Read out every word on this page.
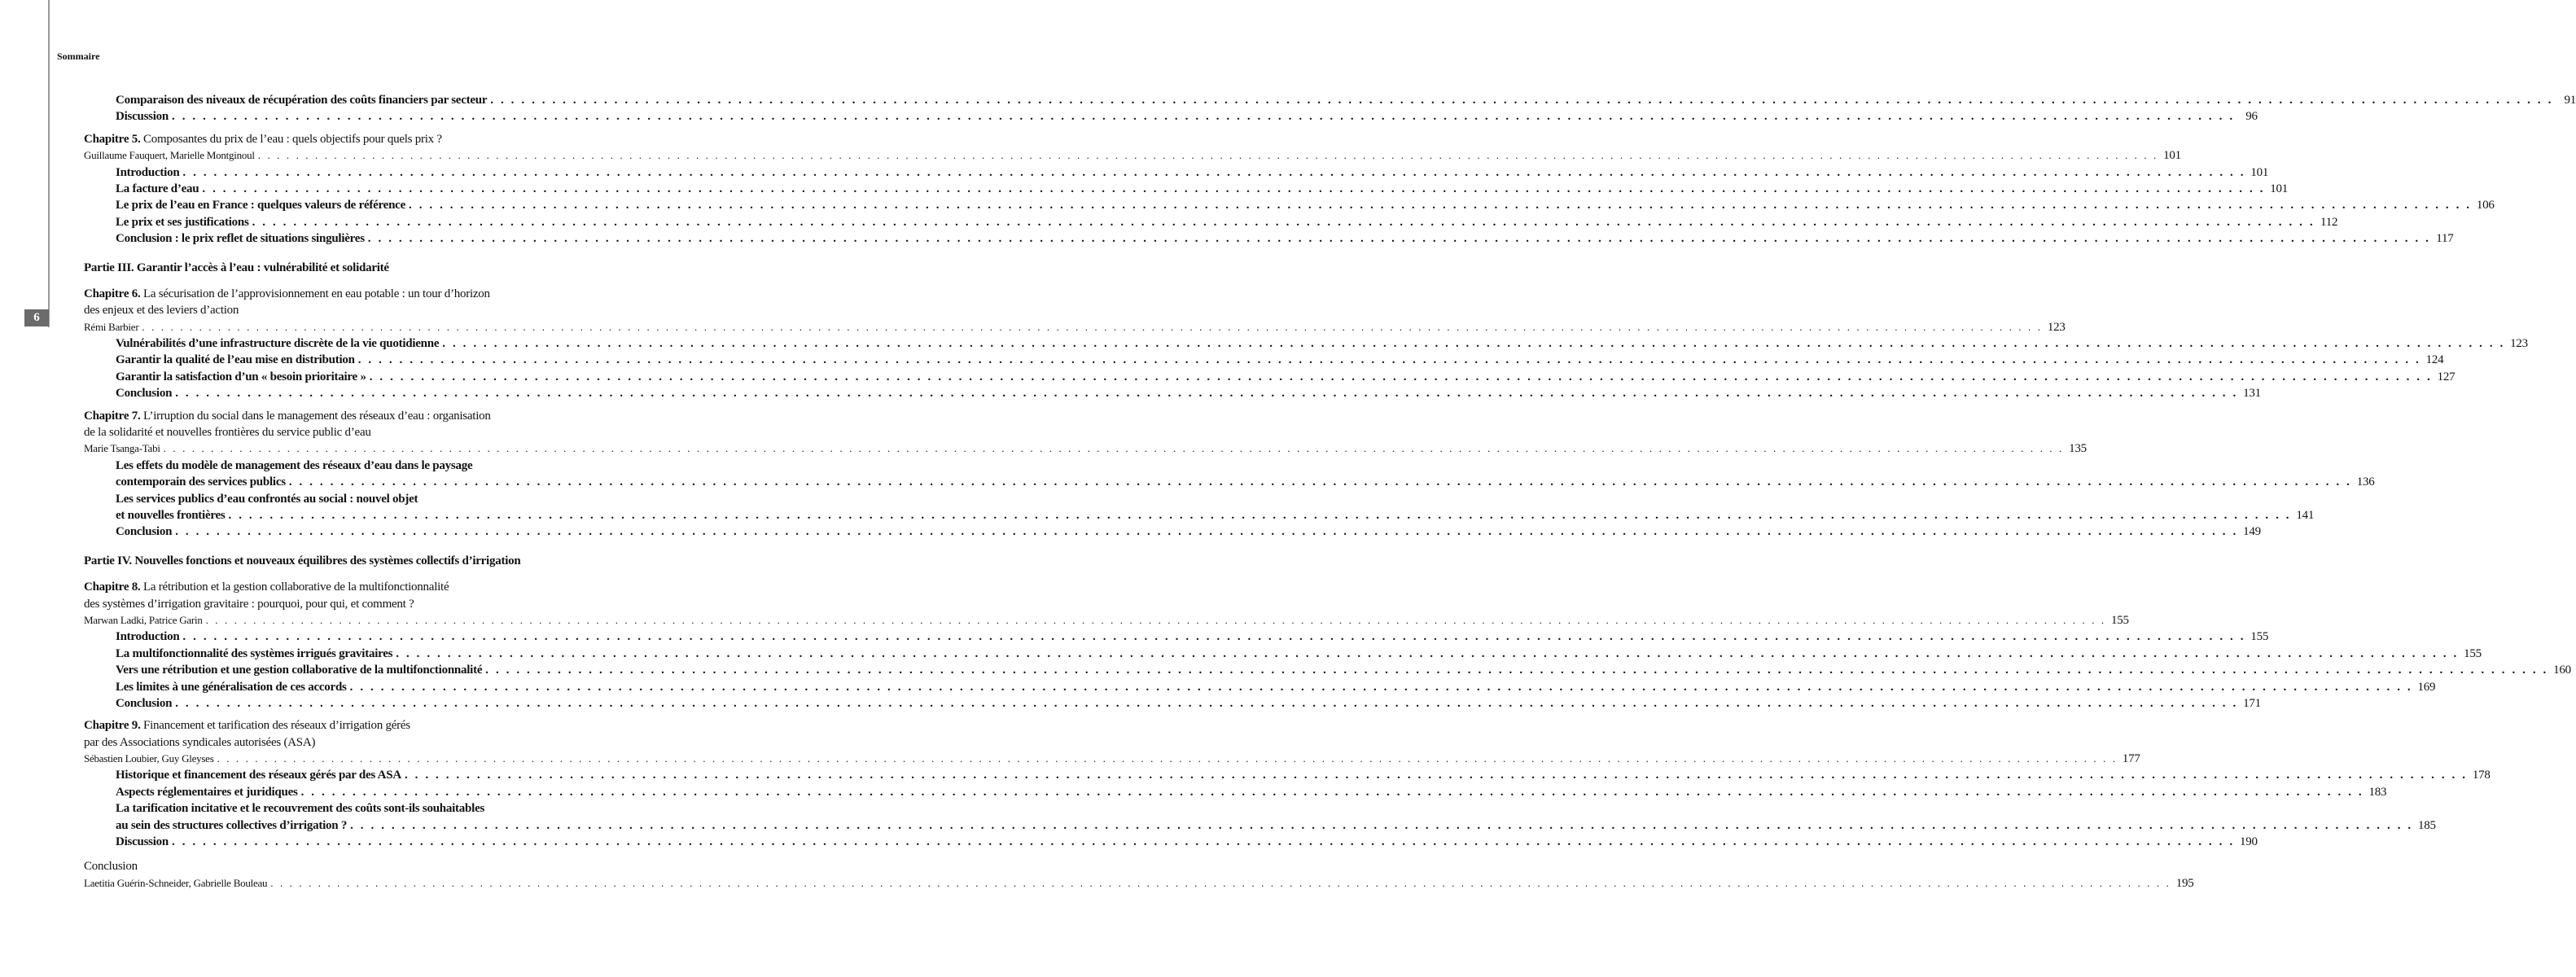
6
Sommaire
Comparaison des niveaux de récupération des coûts financiers par secteur . . . . . . . . . . . . . . . . . . . . . . . . . . . . . . . . . . . . . . . . . . . . . . . . . . . . . . . . . . . . . . . . . . . . . . . . . . . . . . . . . . . . . . . . . . . . . . . . . . . . . . . . . . . . . . . . . . . . . . . . . . . . . . . . . . . . . . . . . . . . . . . . . . . . . . . . . . . . . . . . . . . . . . . . . . . . . . . . . . . . . . . . . . . . . . . . . . . . . . . . 91
Discussion . . . . . . . . . . . . . . . . . . . . . . . . . . . . . . . . . . . . . . . . . . . . . . . . . . . . . . . . . . . . . . . . . . . . . . . . . . . . . . . . . . . . . . . . . . . . . . . . . . . . . . . . . . . . . . . . . . . . . . . . . . . . . . . . . . . . . . . . . . . . . . . . . . . . . . . . . . . . . . . . . . . . . . . . . . . . . . . . . . . . . . . . . . . . . . . . . . . . . . . . 96
Chapitre 5.
Composantes du prix de l’eau : quels objectifs pour quels prix ?
Guillaume Fauquert, Marielle Montginoul . . . . . . . . . . . . . . . . . . . . . . . . . . . . . . . . . . . . . . . . . . . . . . . . . . . . . . . . . . . . . . . . . . . . . . . . . . . . . . . . . . . . . . . . . . . . . . . . . . . . . . . . . . . . . . . . . . . . . . . . . . . . . . . . . . . . . . . . . . . . . . . . . . . . . . . . . . . . . . . . . . . . . . . . . . . . . . . . . . . . . . . . . . . . . . . . . . . . . . . . 101
Introduction . . . . . . . . . . . . . . . . . . . . . . . . . . . . . . . . . . . . . . . . . . . . . . . . . . . . . . . . . . . . . . . . . . . . . . . . . . . . . . . . . . . . . . . . . . . . . . . . . . . . . . . . . . . . . . . . . . . . . . . . . . . . . . . . . . . . . . . . . . . . . . . . . . . . . . . . . . . . . . . . . . . . . . . . . . . . . . . . . . . . . . . . . . . . . . . . . . . . . . . . 101
La facture d’eau . . . . . . . . . . . . . . . . . . . . . . . . . . . . . . . . . . . . . . . . . . . . . . . . . . . . . . . . . . . . . . . . . . . . . . . . . . . . . . . . . . . . . . . . . . . . . . . . . . . . . . . . . . . . . . . . . . . . . . . . . . . . . . . . . . . . . . . . . . . . . . . . . . . . . . . . . . . . . . . . . . . . . . . . . . . . . . . . . . . . . . . . . . . . . . . . . . . . . . . . 101
Le prix de l’eau en France : quelques valeurs de référence . . . . . . . . . . . . . . . . . . . . . . . . . . . . . . . . . . . . . . . . . . . . . . . . . . . . . . . . . . . . . . . . . . . . . . . . . . . . . . . . . . . . . . . . . . . . . . . . . . . . . . . . . . . . . . . . . . . . . . . . . . . . . . . . . . . . . . . . . . . . . . . . . . . . . . . . . . . . . . . . . . . . . . . . . . . . . . . . . . . . . . . . . . . . . . . . . . . . . . . . 106
Le prix et ses justifications . . . . . . . . . . . . . . . . . . . . . . . . . . . . . . . . . . . . . . . . . . . . . . . . . . . . . . . . . . . . . . . . . . . . . . . . . . . . . . . . . . . . . . . . . . . . . . . . . . . . . . . . . . . . . . . . . . . . . . . . . . . . . . . . . . . . . . . . . . . . . . . . . . . . . . . . . . . . . . . . . . . . . . . . . . . . . . . . . . . . . . . . . . . . . . . . . . . . . . . . 112
Conclusion : le prix reflet de situations singulières . . . . . . . . . . . . . . . . . . . . . . . . . . . . . . . . . . . . . . . . . . . . . . . . . . . . . . . . . . . . . . . . . . . . . . . . . . . . . . . . . . . . . . . . . . . . . . . . . . . . . . . . . . . . . . . . . . . . . . . . . . . . . . . . . . . . . . . . . . . . . . . . . . . . . . . . . . . . . . . . . . . . . . . . . . . . . . . . . . . . . . . . . . . . . . . . . . . . . . . . 117
Partie III. Garantir l’accès à l’eau : vulnérabilité et solidarité
Chapitre 6.
La sécurisation de l’approvisionnement en eau potable : un tour d’horizon
des enjeux et des leviers d’action
Rémi Barbier . . . . . . . . . . . . . . . . . . . . . . . . . . . . . . . . . . . . . . . . . . . . . . . . . . . . . . . . . . . . . . . . . . . . . . . . . . . . . . . . . . . . . . . . . . . . . . . . . . . . . . . . . . . . . . . . . . . . . . . . . . . . . . . . . . . . . . . . . . . . . . . . . . . . . . . . . . . . . . . . . . . . . . . . . . . . . . . . . . . . . . . . . . . . . . . . . . . . . . . . 123
Vulnérabilités d’une infrastructure discrète de la vie quotidienne . . . . . . . . . . . . . . . . . . . . . . . . . . . . . . . . . . . . . . . . . . . . . . . . . . . . . . . . . . . . . . . . . . . . . . . . . . . . . . . . . . . . . . . . . . . . . . . . . . . . . . . . . . . . . . . . . . . . . . . . . . . . . . . . . . . . . . . . . . . . . . . . . . . . . . . . . . . . . . . . . . . . . . . . . . . . . . . . . . . . . . . . . . . . . . . . . . . . . . . . 123
Garantir la qualité de l’eau mise en distribution . . . . . . . . . . . . . . . . . . . . . . . . . . . . . . . . . . . . . . . . . . . . . . . . . . . . . . . . . . . . . . . . . . . . . . . . . . . . . . . . . . . . . . . . . . . . . . . . . . . . . . . . . . . . . . . . . . . . . . . . . . . . . . . . . . . . . . . . . . . . . . . . . . . . . . . . . . . . . . . . . . . . . . . . . . . . . . . . . . . . . . . . . . . . . . . . . . . . . . . . 124
Garantir la satisfaction d’un « besoin prioritaire » . . . . . . . . . . . . . . . . . . . . . . . . . . . . . . . . . . . . . . . . . . . . . . . . . . . . . . . . . . . . . . . . . . . . . . . . . . . . . . . . . . . . . . . . . . . . . . . . . . . . . . . . . . . . . . . . . . . . . . . . . . . . . . . . . . . . . . . . . . . . . . . . . . . . . . . . . . . . . . . . . . . . . . . . . . . . . . . . . . . . . . . . . . . . . . . . . . . . . . . . 127
Conclusion . . . . . . . . . . . . . . . . . . . . . . . . . . . . . . . . . . . . . . . . . . . . . . . . . . . . . . . . . . . . . . . . . . . . . . . . . . . . . . . . . . . . . . . . . . . . . . . . . . . . . . . . . . . . . . . . . . . . . . . . . . . . . . . . . . . . . . . . . . . . . . . . . . . . . . . . . . . . . . . . . . . . . . . . . . . . . . . . . . . . . . . . . . . . . . . . . . . . . . . . 131
Chapitre 7.
L’irruption du social dans le management des réseaux d’eau : organisation
de la solidarité et nouvelles frontières du service public d’eau
Marie Tsanga-Tabi . . . . . . . . . . . . . . . . . . . . . . . . . . . . . . . . . . . . . . . . . . . . . . . . . . . . . . . . . . . . . . . . . . . . . . . . . . . . . . . . . . . . . . . . . . . . . . . . . . . . . . . . . . . . . . . . . . . . . . . . . . . . . . . . . . . . . . . . . . . . . . . . . . . . . . . . . . . . . . . . . . . . . . . . . . . . . . . . . . . . . . . . . . . . . . . . . . . . . . . . 135
Les effets du modèle de management des réseaux d’eau dans le paysage
contemporain des services publics . . . . . . . . . . . . . . . . . . . . . . . . . . . . . . . . . . . . . . . . . . . . . . . . . . . . . . . . . . . . . . . . . . . . . . . . . . . . . . . . . . . . . . . . . . . . . . . . . . . . . . . . . . . . . . . . . . . . . . . . . . . . . . . . . . . . . . . . . . . . . . . . . . . . . . . . . . . . . . . . . . . . . . . . . . . . . . . . . . . . . . . . . . . . . . . . . . . . . . . . 136
Les services publics d’eau confrontés au social : nouvel objet
et nouvelles frontières . . . . . . . . . . . . . . . . . . . . . . . . . . . . . . . . . . . . . . . . . . . . . . . . . . . . . . . . . . . . . . . . . . . . . . . . . . . . . . . . . . . . . . . . . . . . . . . . . . . . . . . . . . . . . . . . . . . . . . . . . . . . . . . . . . . . . . . . . . . . . . . . . . . . . . . . . . . . . . . . . . . . . . . . . . . . . . . . . . . . . . . . . . . . . . . . . . . . . . . . 141
Conclusion . . . . . . . . . . . . . . . . . . . . . . . . . . . . . . . . . . . . . . . . . . . . . . . . . . . . . . . . . . . . . . . . . . . . . . . . . . . . . . . . . . . . . . . . . . . . . . . . . . . . . . . . . . . . . . . . . . . . . . . . . . . . . . . . . . . . . . . . . . . . . . . . . . . . . . . . . . . . . . . . . . . . . . . . . . . . . . . . . . . . . . . . . . . . . . . . . . . . . . . . 149
Partie IV. Nouvelles fonctions et nouveaux équilibres des systèmes collectifs d’irrigation
Chapitre 8.
La rétribution et la gestion collaborative de la multifonctionnalité
des systèmes d’irrigation gravitaire : pourquoi, pour qui, et comment ?
Marwan Ladki, Patrice Garin . . . . . . . . . . . . . . . . . . . . . . . . . . . . . . . . . . . . . . . . . . . . . . . . . . . . . . . . . . . . . . . . . . . . . . . . . . . . . . . . . . . . . . . . . . . . . . . . . . . . . . . . . . . . . . . . . . . . . . . . . . . . . . . . . . . . . . . . . . . . . . . . . . . . . . . . . . . . . . . . . . . . . . . . . . . . . . . . . . . . . . . . . . . . . . . . . . . . . . . . 155
Introduction . . . . . . . . . . . . . . . . . . . . . . . . . . . . . . . . . . . . . . . . . . . . . . . . . . . . . . . . . . . . . . . . . . . . . . . . . . . . . . . . . . . . . . . . . . . . . . . . . . . . . . . . . . . . . . . . . . . . . . . . . . . . . . . . . . . . . . . . . . . . . . . . . . . . . . . . . . . . . . . . . . . . . . . . . . . . . . . . . . . . . . . . . . . . . . . . . . . . . . . . 155
La multifonctionnalité des systèmes irrigués gravitaires . . . . . . . . . . . . . . . . . . . . . . . . . . . . . . . . . . . . . . . . . . . . . . . . . . . . . . . . . . . . . . . . . . . . . . . . . . . . . . . . . . . . . . . . . . . . . . . . . . . . . . . . . . . . . . . . . . . . . . . . . . . . . . . . . . . . . . . . . . . . . . . . . . . . . . . . . . . . . . . . . . . . . . . . . . . . . . . . . . . . . . . . . . . . . . . . . . . . . . . . 155
Vers une rétribution et une gestion collaborative de la multifonctionnalité . . . . . . . . . . . . . . . . . . . . . . . . . . . . . . . . . . . . . . . . . . . . . . . . . . . . . . . . . . . . . . . . . . . . . . . . . . . . . . . . . . . . . . . . . . . . . . . . . . . . . . . . . . . . . . . . . . . . . . . . . . . . . . . . . . . . . . . . . . . . . . . . . . . . . . . . . . . . . . . . . . . . . . . . . . . . . . . . . . . . . . . . . . . . . . . . . . . . . . . . 160
Les limites à une généralisation de ces accords . . . . . . . . . . . . . . . . . . . . . . . . . . . . . . . . . . . . . . . . . . . . . . . . . . . . . . . . . . . . . . . . . . . . . . . . . . . . . . . . . . . . . . . . . . . . . . . . . . . . . . . . . . . . . . . . . . . . . . . . . . . . . . . . . . . . . . . . . . . . . . . . . . . . . . . . . . . . . . . . . . . . . . . . . . . . . . . . . . . . . . . . . . . . . . . . . . . . . . . . 169
Conclusion . . . . . . . . . . . . . . . . . . . . . . . . . . . . . . . . . . . . . . . . . . . . . . . . . . . . . . . . . . . . . . . . . . . . . . . . . . . . . . . . . . . . . . . . . . . . . . . . . . . . . . . . . . . . . . . . . . . . . . . . . . . . . . . . . . . . . . . . . . . . . . . . . . . . . . . . . . . . . . . . . . . . . . . . . . . . . . . . . . . . . . . . . . . . . . . . . . . . . . . . 171
Chapitre 9.
Financement et tarification des réseaux d’irrigation gérés
par des Associations syndicales autorisées (ASA)
Sébastien Loubier, Guy Gleyses . . . . . . . . . . . . . . . . . . . . . . . . . . . . . . . . . . . . . . . . . . . . . . . . . . . . . . . . . . . . . . . . . . . . . . . . . . . . . . . . . . . . . . . . . . . . . . . . . . . . . . . . . . . . . . . . . . . . . . . . . . . . . . . . . . . . . . . . . . . . . . . . . . . . . . . . . . . . . . . . . . . . . . . . . . . . . . . . . . . . . . . . . . . . . . . . . . . . . . . . 177
Historique et financement des réseaux gérés par des ASA . . . . . . . . . . . . . . . . . . . . . . . . . . . . . . . . . . . . . . . . . . . . . . . . . . . . . . . . . . . . . . . . . . . . . . . . . . . . . . . . . . . . . . . . . . . . . . . . . . . . . . . . . . . . . . . . . . . . . . . . . . . . . . . . . . . . . . . . . . . . . . . . . . . . . . . . . . . . . . . . . . . . . . . . . . . . . . . . . . . . . . . . . . . . . . . . . . . . . . . . 178
Aspects réglementaires et juridiques . . . . . . . . . . . . . . . . . . . . . . . . . . . . . . . . . . . . . . . . . . . . . . . . . . . . . . . . . . . . . . . . . . . . . . . . . . . . . . . . . . . . . . . . . . . . . . . . . . . . . . . . . . . . . . . . . . . . . . . . . . . . . . . . . . . . . . . . . . . . . . . . . . . . . . . . . . . . . . . . . . . . . . . . . . . . . . . . . . . . . . . . . . . . . . . . . . . . . . . . 183
La tarification incitative et le recouvrement des coûts sont-ils souhaitables
au sein des structures collectives d’irrigation ? . . . . . . . . . . . . . . . . . . . . . . . . . . . . . . . . . . . . . . . . . . . . . . . . . . . . . . . . . . . . . . . . . . . . . . . . . . . . . . . . . . . . . . . . . . . . . . . . . . . . . . . . . . . . . . . . . . . . . . . . . . . . . . . . . . . . . . . . . . . . . . . . . . . . . . . . . . . . . . . . . . . . . . . . . . . . . . . . . . . . . . . . . . . . . . . . . . . . . . . . 185
Discussion . . . . . . . . . . . . . . . . . . . . . . . . . . . . . . . . . . . . . . . . . . . . . . . . . . . . . . . . . . . . . . . . . . . . . . . . . . . . . . . . . . . . . . . . . . . . . . . . . . . . . . . . . . . . . . . . . . . . . . . . . . . . . . . . . . . . . . . . . . . . . . . . . . . . . . . . . . . . . . . . . . . . . . . . . . . . . . . . . . . . . . . . . . . . . . . . . . . . . . . . 190
Conclusion
Laetitia Guérin-Schneider, Gabrielle Bouleau . . . . . . . . . . . . . . . . . . . . . . . . . . . . . . . . . . . . . . . . . . . . . . . . . . . . . . . . . . . . . . . . . . . . . . . . . . . . . . . . . . . . . . . . . . . . . . . . . . . . . . . . . . . . . . . . . . . . . . . . . . . . . . . . . . . . . . . . . . . . . . . . . . . . . . . . . . . . . . . . . . . . . . . . . . . . . . . . . . . . . . . . . . . . . . . . . . . . . . . . 195
